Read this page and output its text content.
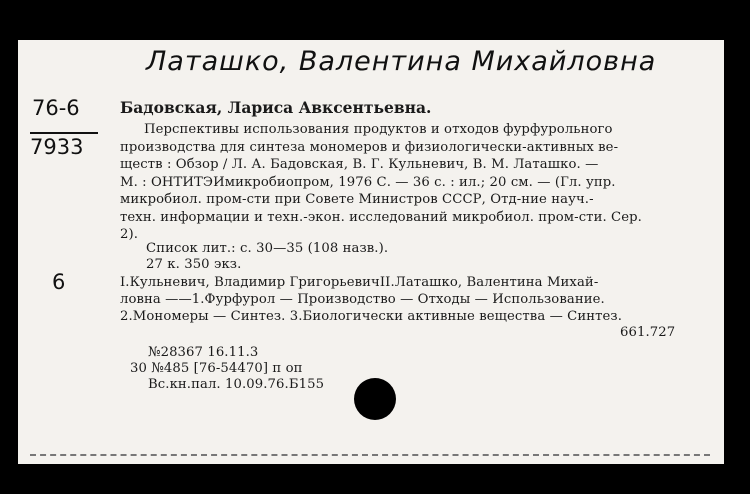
Латашко, Валентина Михайловна
76-6
7933
6
Бадовская, Лариса Авксентьевна.
Перспективы использования продуктов и отходов фурфурольного
производства для синтеза мономеров и физиологически-активных ве-
ществ : Обзор / Л. А. Бадовская, В. Г. Кульневич, В. М. Латашко. —
М. : ОНТИТЭИмикробиопром, 1976 С. — 36 с. : ил.; 20 см. — (Гл. упр.
микробиол. пром-сти при Совете Министров СССР, Отд-ние науч.-
техн. информации и техн.-экон. исследований микробиол. пром-сти. Сер.
2).
Список лит.: с. 30—35 (108 назв.).
27 к. 350 экз.
I.Кульневич, Владимир ГригорьевичII.Латашко, Валентина Михай-
ловна ——1.Фурфурол — Производство — Отходы — Использование.
2.Мономеры — Синтез. 3.Биологически активные вещества — Синтез.
661.727
№28367 16.11.3
30 №485 [76-54470] п оп
Вс.кн.пал. 10.09.76.Б155
